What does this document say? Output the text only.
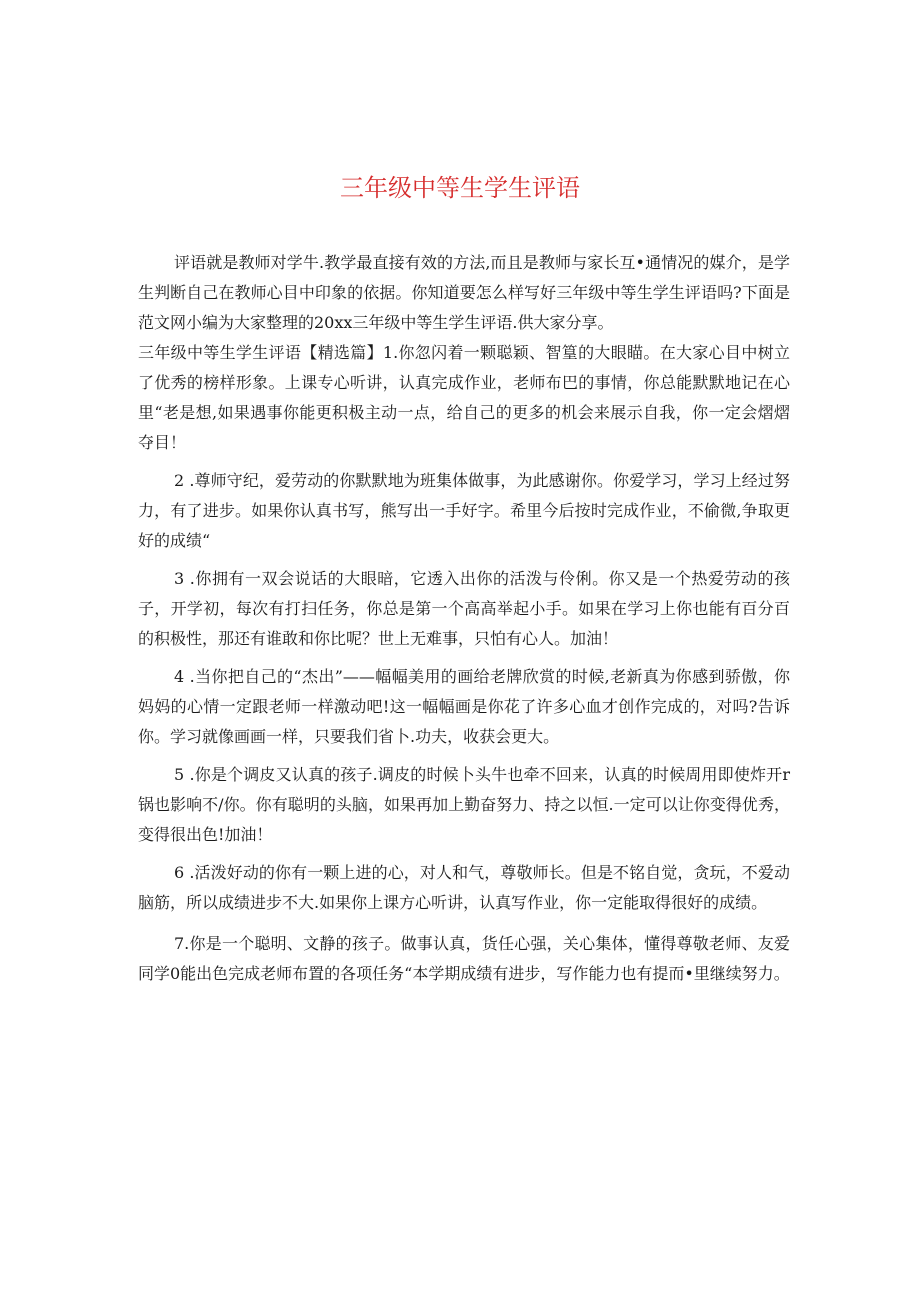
三年级中等生学生评语

评语就是教师对学牛.教学最直接有效的方法,而且是教师与家长互•通情况的媒介，是学生判断自己在教师心目中印象的依据。你知道要怎么样写好三年级中等生学生评语吗?下面是范文网小编为大家整理的20xx三年级中等生学生评语.供大家分享。

三年级中等生学生评语【精选篇】1.你忽闪着一颗聪颖、智篁的大眼瞄。在大家心目中树立了优秀的榜样形象。上课专心听讲，认真完成作业，老师布巴的事情，你总能默默地记在心里“老是想,如果遇事你能更积极主动一点，给自己的更多的机会来展示自我，你一定会熠熠夺目！

2 .尊师守纪，爱劳动的你默默地为班集体做事，为此感谢你。你爱学习，学习上经过努力，有了进步。如果你认真书写，熊写出一手好字。希里今后按时完成作业，不偷微,争取更好的成绩“

3 .你拥有一双会说话的大眼暗，它透入出你的活泼与伶俐。你又是一个热爱劳动的孩子，开学初，每次有打扫任务，你总是第一个高高举起小手。如果在学习上你也能有百分百的积极性，那还有谁敢和你比呢？世上无难事，只怕有心人。加油！

4 .当你把自己的“杰出”——幅幅美用的画给老牌欣赏的时候,老新真为你感到骄傲，你妈妈的心情一定跟老师一样激动吧!这一幅幅画是你花了许多心血才创作完成的，对吗?告诉你。学习就像画画一样，只要我们省卜.功夫，收获会更大。

5 .你是个调皮又认真的孩子.调皮的时候卜头牛也牵不回来，认真的时候周用即使炸开r锅也影响不/你。你有聪明的头脑，如果再加上勤奋努力、持之以恒.一定可以让你变得优秀，变得很出色!加油！

6 .活泼好动的你有一颗上进的心，对人和气，尊敬师长。但是不铭自觉，贪玩，不爱动脑筋，所以成绩进步不大.如果你上课方心听讲，认真写作业，你一定能取得很好的成绩。

7.你是一个聪明、文静的孩子。做事认真，货任心强，关心集体，懂得尊敬老师、友爱同学0能出色完成老师布置的各项任务“本学期成绩有进步，写作能力也有提而•里继续努力。
